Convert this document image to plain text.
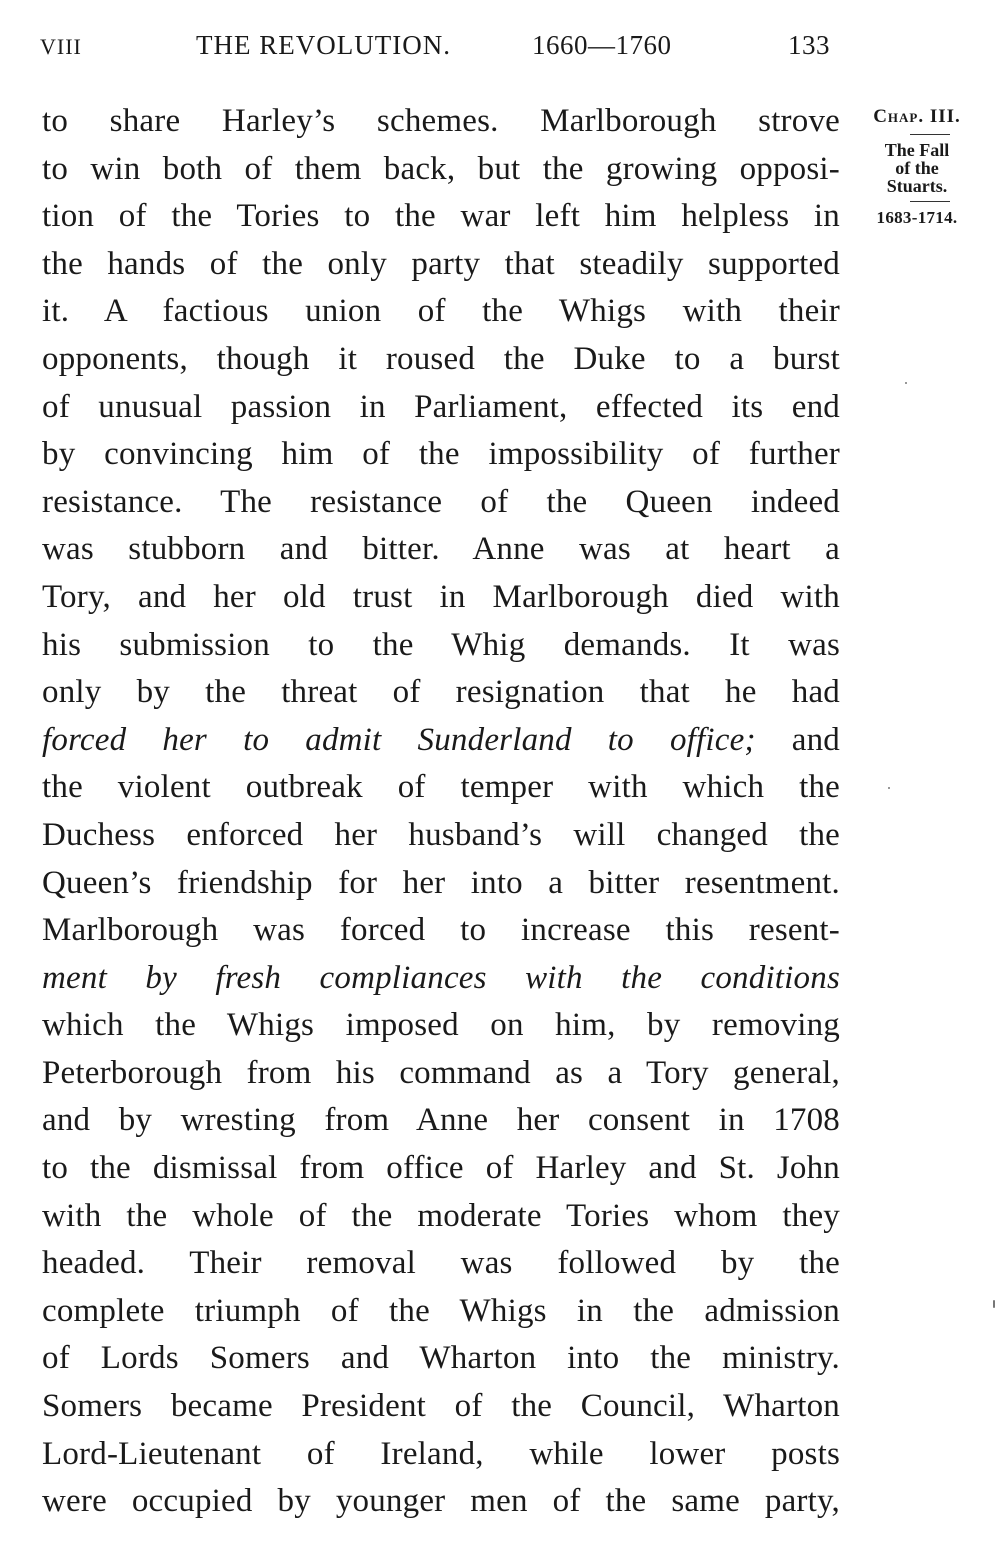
VIII	THE REVOLUTION.	1660—1760	133
to share Harley’s schemes. Marlborough strove
to win both of them back, but the growing opposi-
tion of the Tories to the war left him helpless in
the hands of the only party that steadily supported
it. A factious union of the Whigs with their
opponents, though it roused the Duke to a burst
of unusual passion in Parliament, effected its end
by convincing him of the impossibility of further
resistance. The resistance of the Queen indeed
was stubborn and bitter. Anne was at heart a
Tory, and her old trust in Marlborough died with
his submission to the Whig demands. It was
only by the threat of resignation that he had
forced her to admit Sunderland to office; and
the violent outbreak of temper with which the
Duchess enforced her husband’s will changed the
Queen’s friendship for her into a bitter resentment.
Marlborough was forced to increase this resent-
ment by fresh compliances with the conditions
which the Whigs imposed on him, by removing
Peterborough from his command as a Tory general,
and by wresting from Anne her consent in 1708
to the dismissal from office of Harley and St. John
with the whole of the moderate Tories whom they
headed. Their removal was followed by the
complete triumph of the Whigs in the admission
of Lords Somers and Wharton into the ministry.
Somers became President of the Council, Wharton
Lord-Lieutenant of Ireland, while lower posts
were occupied by younger men of the same party,
Chap. III.
The Fall
of the
Stuarts.
1683-1714.
